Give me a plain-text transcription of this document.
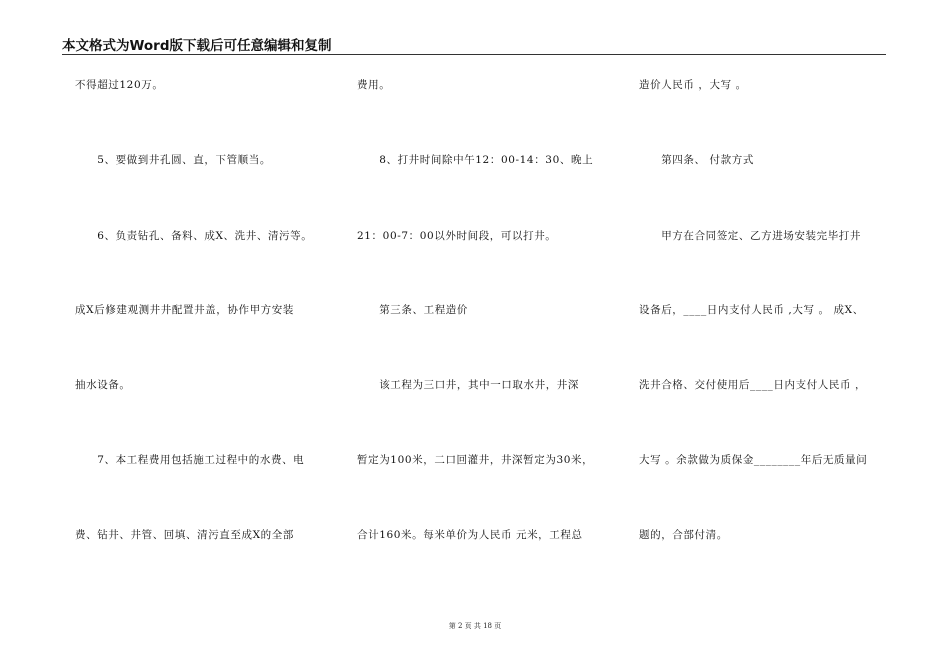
本文格式为Word版下载后可任意编辑和复制
不得超过120万。
　　5、要做到井孔圆、直，下管顺当。
　　6、负责钻孔、备料、成X、洗井、清污等。
成X后修建观测井井配置井盖，协作甲方安装
抽水设备。
　　7、本工程费用包括施工过程中的水费、电
费、钻井、井管、回填、清污直至成X的全部
费用。
　　8、打井时间除中午12：00-14：30、晚上
21：00-7：00以外时间段，可以打井。
　　第三条、工程造价
　　该工程为三口井，其中一口取水井，井深
暂定为100米，二口回灌井，井深暂定为30米，
合计160米。每米单价为人民币 元米，工程总
造价人民币 ，大写 。
　　第四条、 付款方式
　　甲方在合同签定、乙方进场安装完毕打井
设备后，____日内支付人民币 ,大写 。 成X、
洗井合格、交付使用后____日内支付人民币 ，
大写 。余款做为质保金________年后无质量问
题的，合部付清。
第 2 页 共 18 页
